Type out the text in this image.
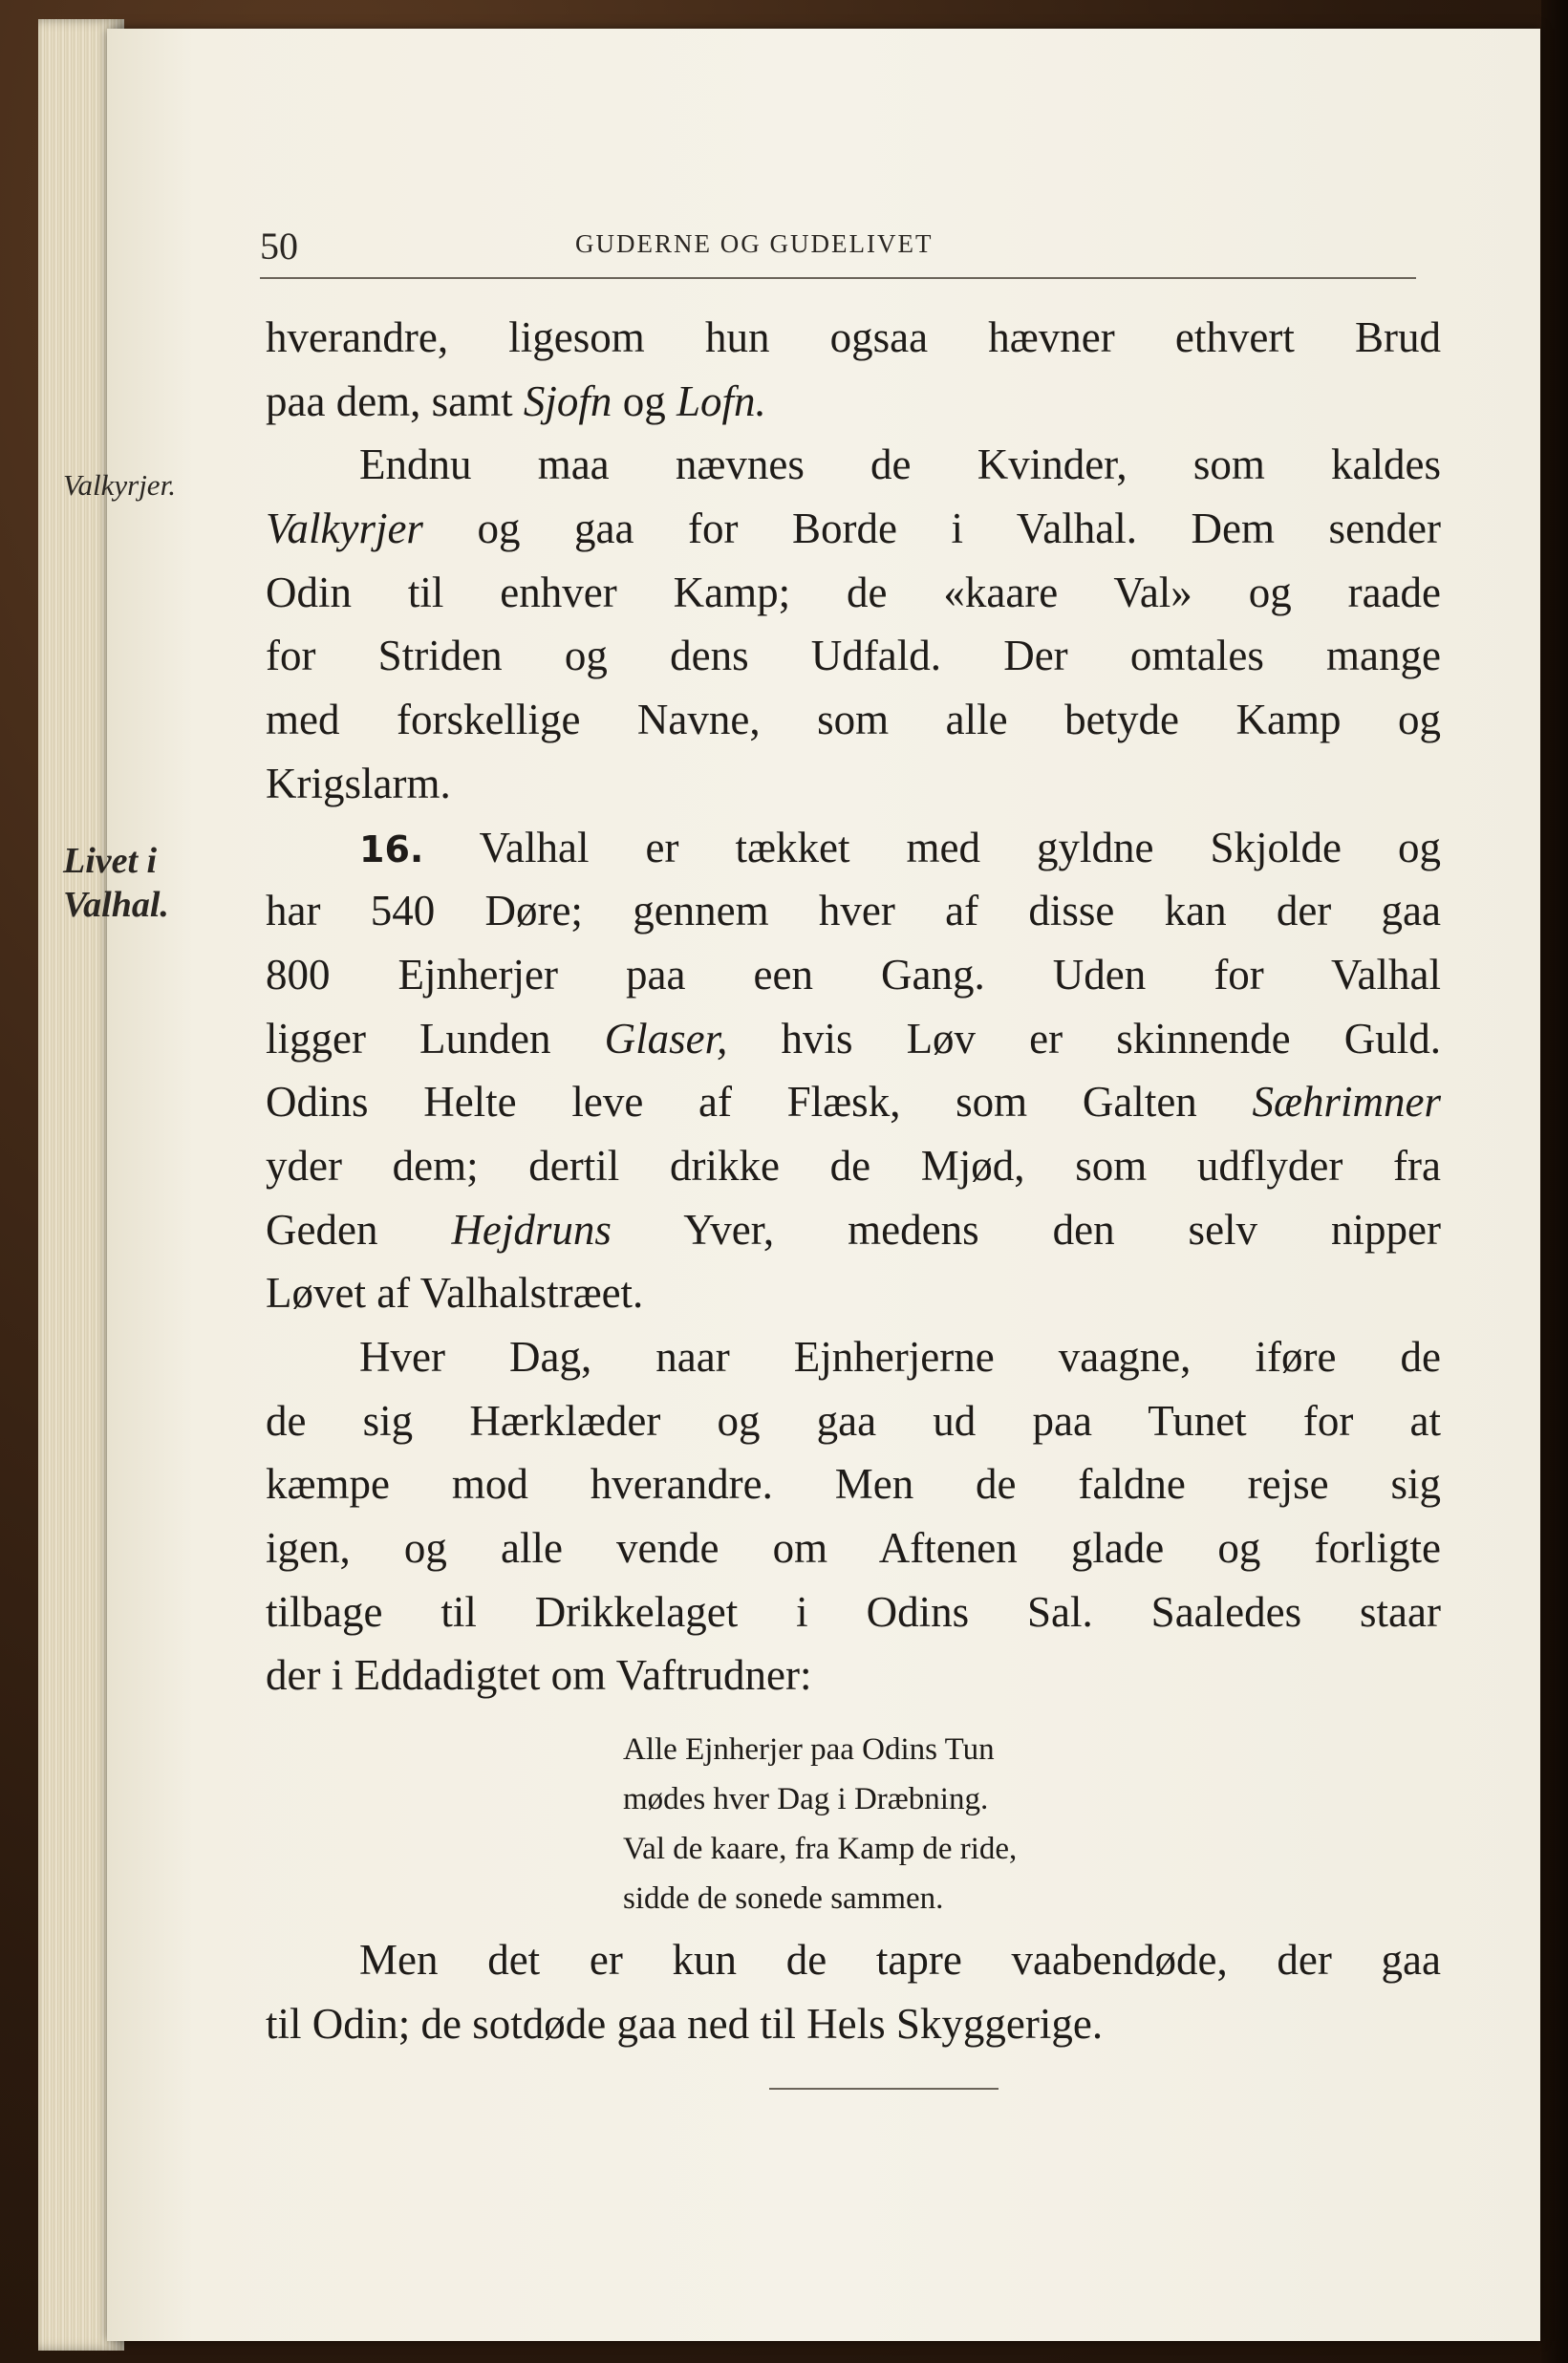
50	GUDERNE OG GUDELIVET
Valkyrjer.
Livet i
Valhal.
hverandre, ligesom hun ogsaa hævner ethvert Brud
paa dem, samt Sjofn og Lofn.
Endnu maa nævnes de Kvinder, som kaldes
Valkyrjer og gaa for Borde i Valhal. Dem sender
Odin til enhver Kamp; de «kaare Val» og raade
for Striden og dens Udfald. Der omtales mange
med forskellige Navne, som alle betyde Kamp og
Krigslarm.
16. Valhal er tækket med gyldne Skjolde og
har 540 Døre; gennem hver af disse kan der gaa
800 Ejnherjer paa een Gang. Uden for Valhal
ligger Lunden Glaser, hvis Løv er skinnende Guld.
Odins Helte leve af Flæsk, som Galten Sæhrimner
yder dem; dertil drikke de Mjød, som udflyder fra
Geden Hejdruns Yver, medens den selv nipper
Løvet af Valhalstræet.
Hver Dag, naar Ejnherjerne vaagne, iføre de
de sig Hærklæder og gaa ud paa Tunet for at
kæmpe mod hverandre. Men de faldne rejse sig
igen, og alle vende om Aftenen glade og forligte
tilbage til Drikkelaget i Odins Sal. Saaledes staar
der i Eddadigtet om Vaftrudner:
Alle Ejnherjer paa Odins Tun
mødes hver Dag i Dræbning.
Val de kaare, fra Kamp de ride,
sidde de sonede sammen.
Men det er kun de tapre vaabendøde, der gaa
til Odin; de sotdøde gaa ned til Hels Skyggerige.
